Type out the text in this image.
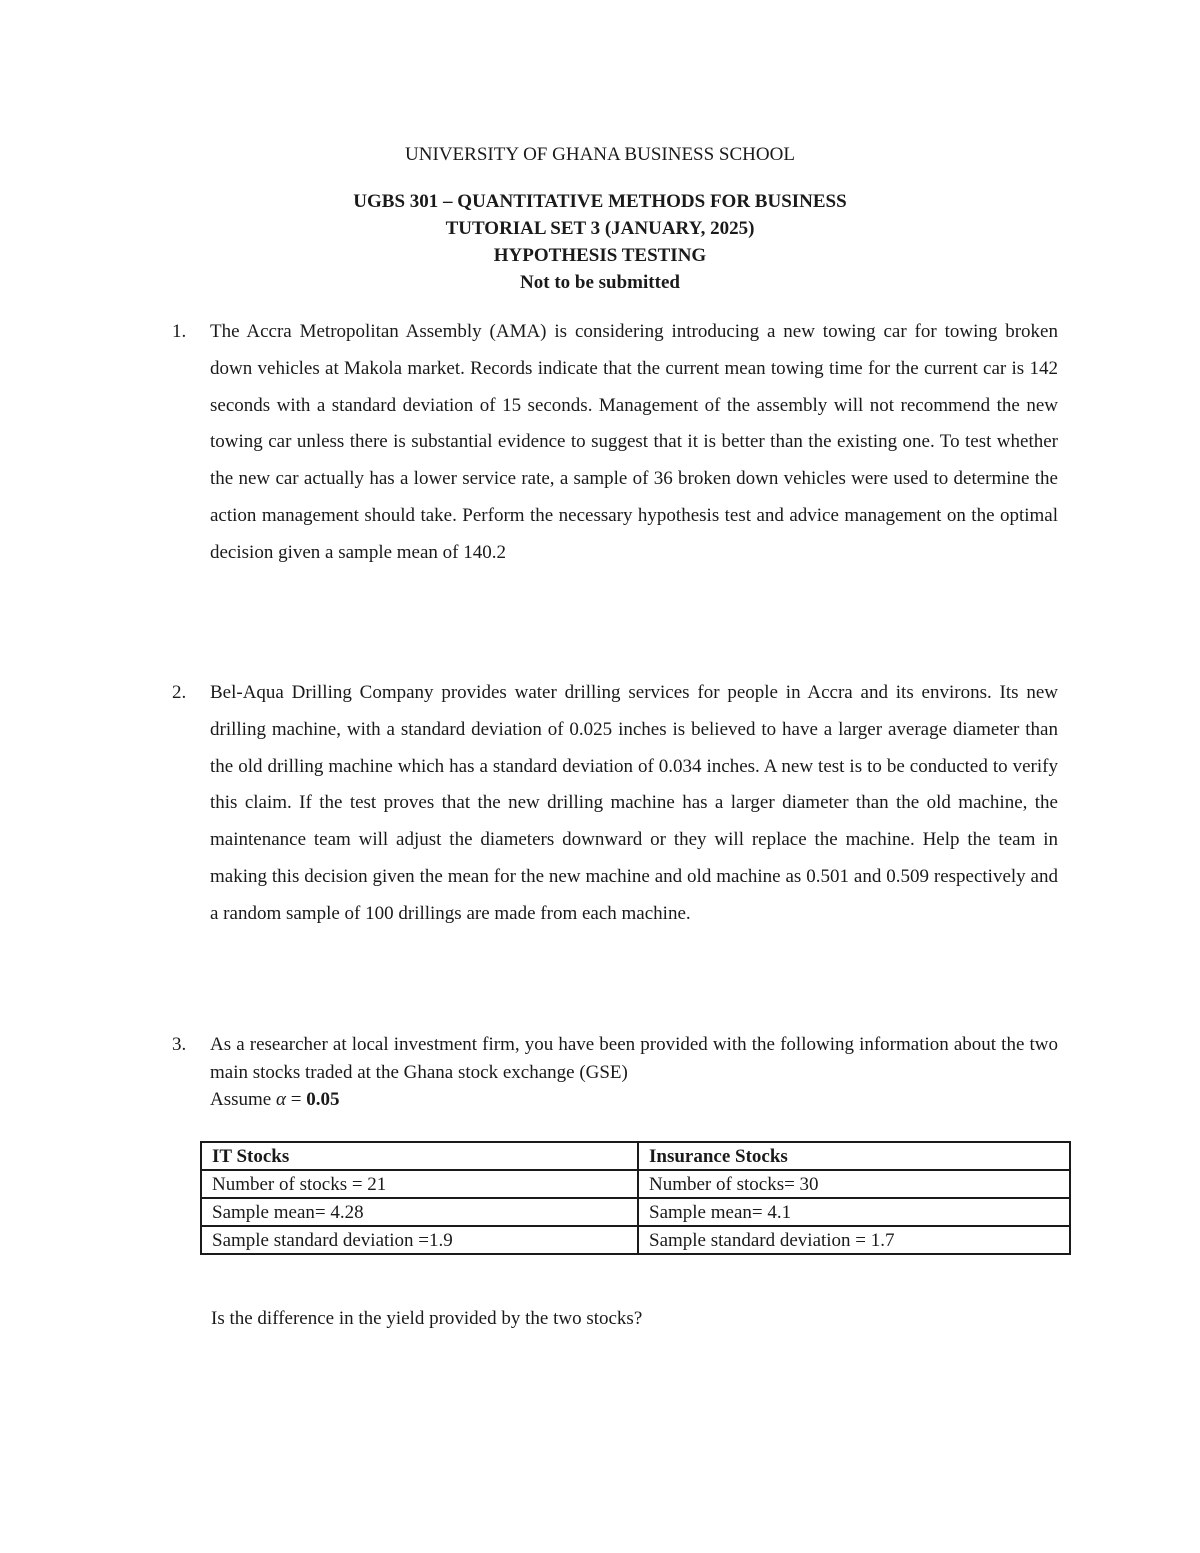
UNIVERSITY OF GHANA BUSINESS SCHOOL
UGBS 301 – QUANTITATIVE METHODS FOR BUSINESS
TUTORIAL SET 3 (JANUARY, 2025)
HYPOTHESIS TESTING
Not to be submitted
1.	The Accra Metropolitan Assembly (AMA) is considering introducing a new towing car for towing broken down vehicles at Makola market. Records indicate that the current mean towing time for the current car is 142 seconds with a standard deviation of 15 seconds. Management of the assembly will not recommend the new towing car unless there is substantial evidence to suggest that it is better than the existing one. To test whether the new car actually has a lower service rate, a sample of 36 broken down vehicles were used to determine the action management should take. Perform the necessary hypothesis test and advice management on the optimal decision given a sample mean of 140.2
2.	Bel-Aqua Drilling Company provides water drilling services for people in Accra and its environs. Its new drilling machine, with a standard deviation of 0.025 inches is believed to have a larger average diameter than the old drilling machine which has a standard deviation of 0.034 inches. A new test is to be conducted to verify this claim. If the test proves that the new drilling machine has a larger diameter than the old machine, the maintenance team will adjust the diameters downward or they will replace the machine. Help the team in making this decision given the mean for the new machine and old machine as 0.501 and 0.509 respectively and a random sample of 100 drillings are made from each machine.
3.	As a researcher at local investment firm, you have been provided with the following information about the two main stocks traded at the Ghana stock exchange (GSE)
Assume α = 0.05
IT Stocks	Insurance Stocks
Number of stocks = 21	Number of stocks= 30
Sample mean= 4.28	Sample mean= 4.1
Sample standard deviation =1.9	Sample standard deviation = 1.7
Is the difference in the yield provided by the two stocks?
